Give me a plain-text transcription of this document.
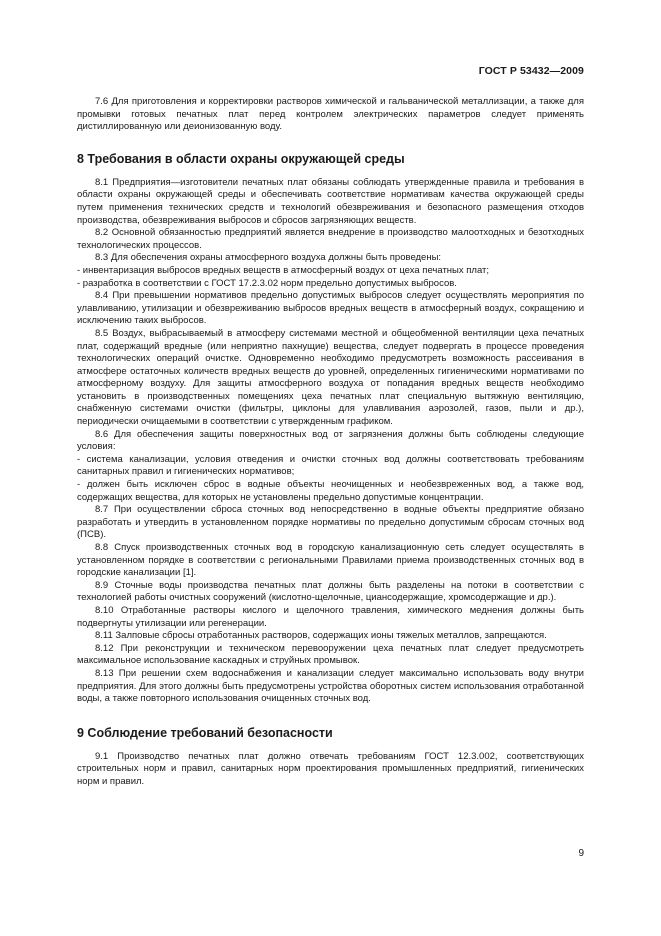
ГОСТ Р 53432—2009

7.6 Для приготовления и корректировки растворов химической и гальванической металлизации, а также для промывки готовых печатных плат перед контролем электрических параметров следует применять дистиллированную или деионизованную воду.

8 Требования в области охраны окружающей среды

8.1 Предприятия—изготовители печатных плат обязаны соблюдать утвержденные правила и требования в области охраны окружающей среды и обеспечивать соответствие нормативам качества окружающей среды путем применения технических средств и технологий обезвреживания и безопасного размещения отходов производства, обезвреживания выбросов и сбросов загрязняющих веществ.

8.2 Основной обязанностью предприятий является внедрение в производство малоотходных и безотходных технологических процессов.

8.3 Для обеспечения охраны атмосферного воздуха должны быть проведены:

- инвентаризация выбросов вредных веществ в атмосферный воздух от цеха печатных плат;

- разработка в соответствии с ГОСТ 17.2.3.02 норм предельно допустимых выбросов.

8.4 При превышении нормативов предельно допустимых выбросов следует осуществлять мероприятия по улавливанию, утилизации и обезвреживанию выбросов вредных веществ в атмосферный воздух, сокращению и исключению таких выбросов.

8.5 Воздух, выбрасываемый в атмосферу системами местной и общеобменной вентиляции цеха печатных плат, содержащий вредные (или неприятно пахнущие) вещества, следует подвергать в процессе проведения технологических операций очистке. Одновременно необходимо предусмотреть возможность рассеивания в атмосфере остаточных количеств вредных веществ до уровней, определенных гигиеническими нормативами по атмосферному воздуху. Для защиты атмосферного воздуха от попадания вредных веществ необходимо установить в производственных помещениях цеха печатных плат специальную вытяжную вентиляцию, снабженную системами очистки (фильтры, циклоны для улавливания аэрозолей, газов, пыли и др.), периодически очищаемыми в соответствии с утвержденным графиком.

8.6 Для обеспечения защиты поверхностных вод от загрязнения должны быть соблюдены следующие условия:

- система канализации, условия отведения и очистки сточных вод должны соответствовать требованиям санитарных правил и гигиенических нормативов;

- должен быть исключен сброс в водные объекты неочищенных и необезвреженных вод, а также вод, содержащих вещества, для которых не установлены предельно допустимые концентрации.

8.7 При осуществлении сброса сточных вод непосредственно в водные объекты предприятие обязано разработать и утвердить в установленном порядке нормативы по предельно допустимым сбросам сточных вод (ПСВ).

8.8 Спуск производственных сточных вод в городскую канализационную сеть следует осуществлять в установленном порядке в соответствии с региональными Правилами приема производственных сточных вод в городские канализации [1].

8.9 Сточные воды производства печатных плат должны быть разделены на потоки в соответствии с технологией работы очистных сооружений (кислотно-щелочные, циансодержащие, хромсодержащие и др.).

8.10 Отработанные растворы кислого и щелочного травления, химического меднения должны быть подвергнуты утилизации или регенерации.

8.11 Залповые сбросы отработанных растворов, содержащих ионы тяжелых металлов, запрещаются.

8.12 При реконструкции и техническом перевооружении цеха печатных плат следует предусмотреть максимальное использование каскадных и струйных промывок.

8.13 При решении схем водоснабжения и канализации следует максимально использовать воду внутри предприятия. Для этого должны быть предусмотрены устройства оборотных систем использования отработанной воды, а также повторного использования очищенных сточных вод.

9 Соблюдение требований безопасности

9.1 Производство печатных плат должно отвечать требованиям ГОСТ 12.3.002, соответствующих строительных норм и правил, санитарных норм проектирования промышленных предприятий, гигиенических норм и правил.

9
